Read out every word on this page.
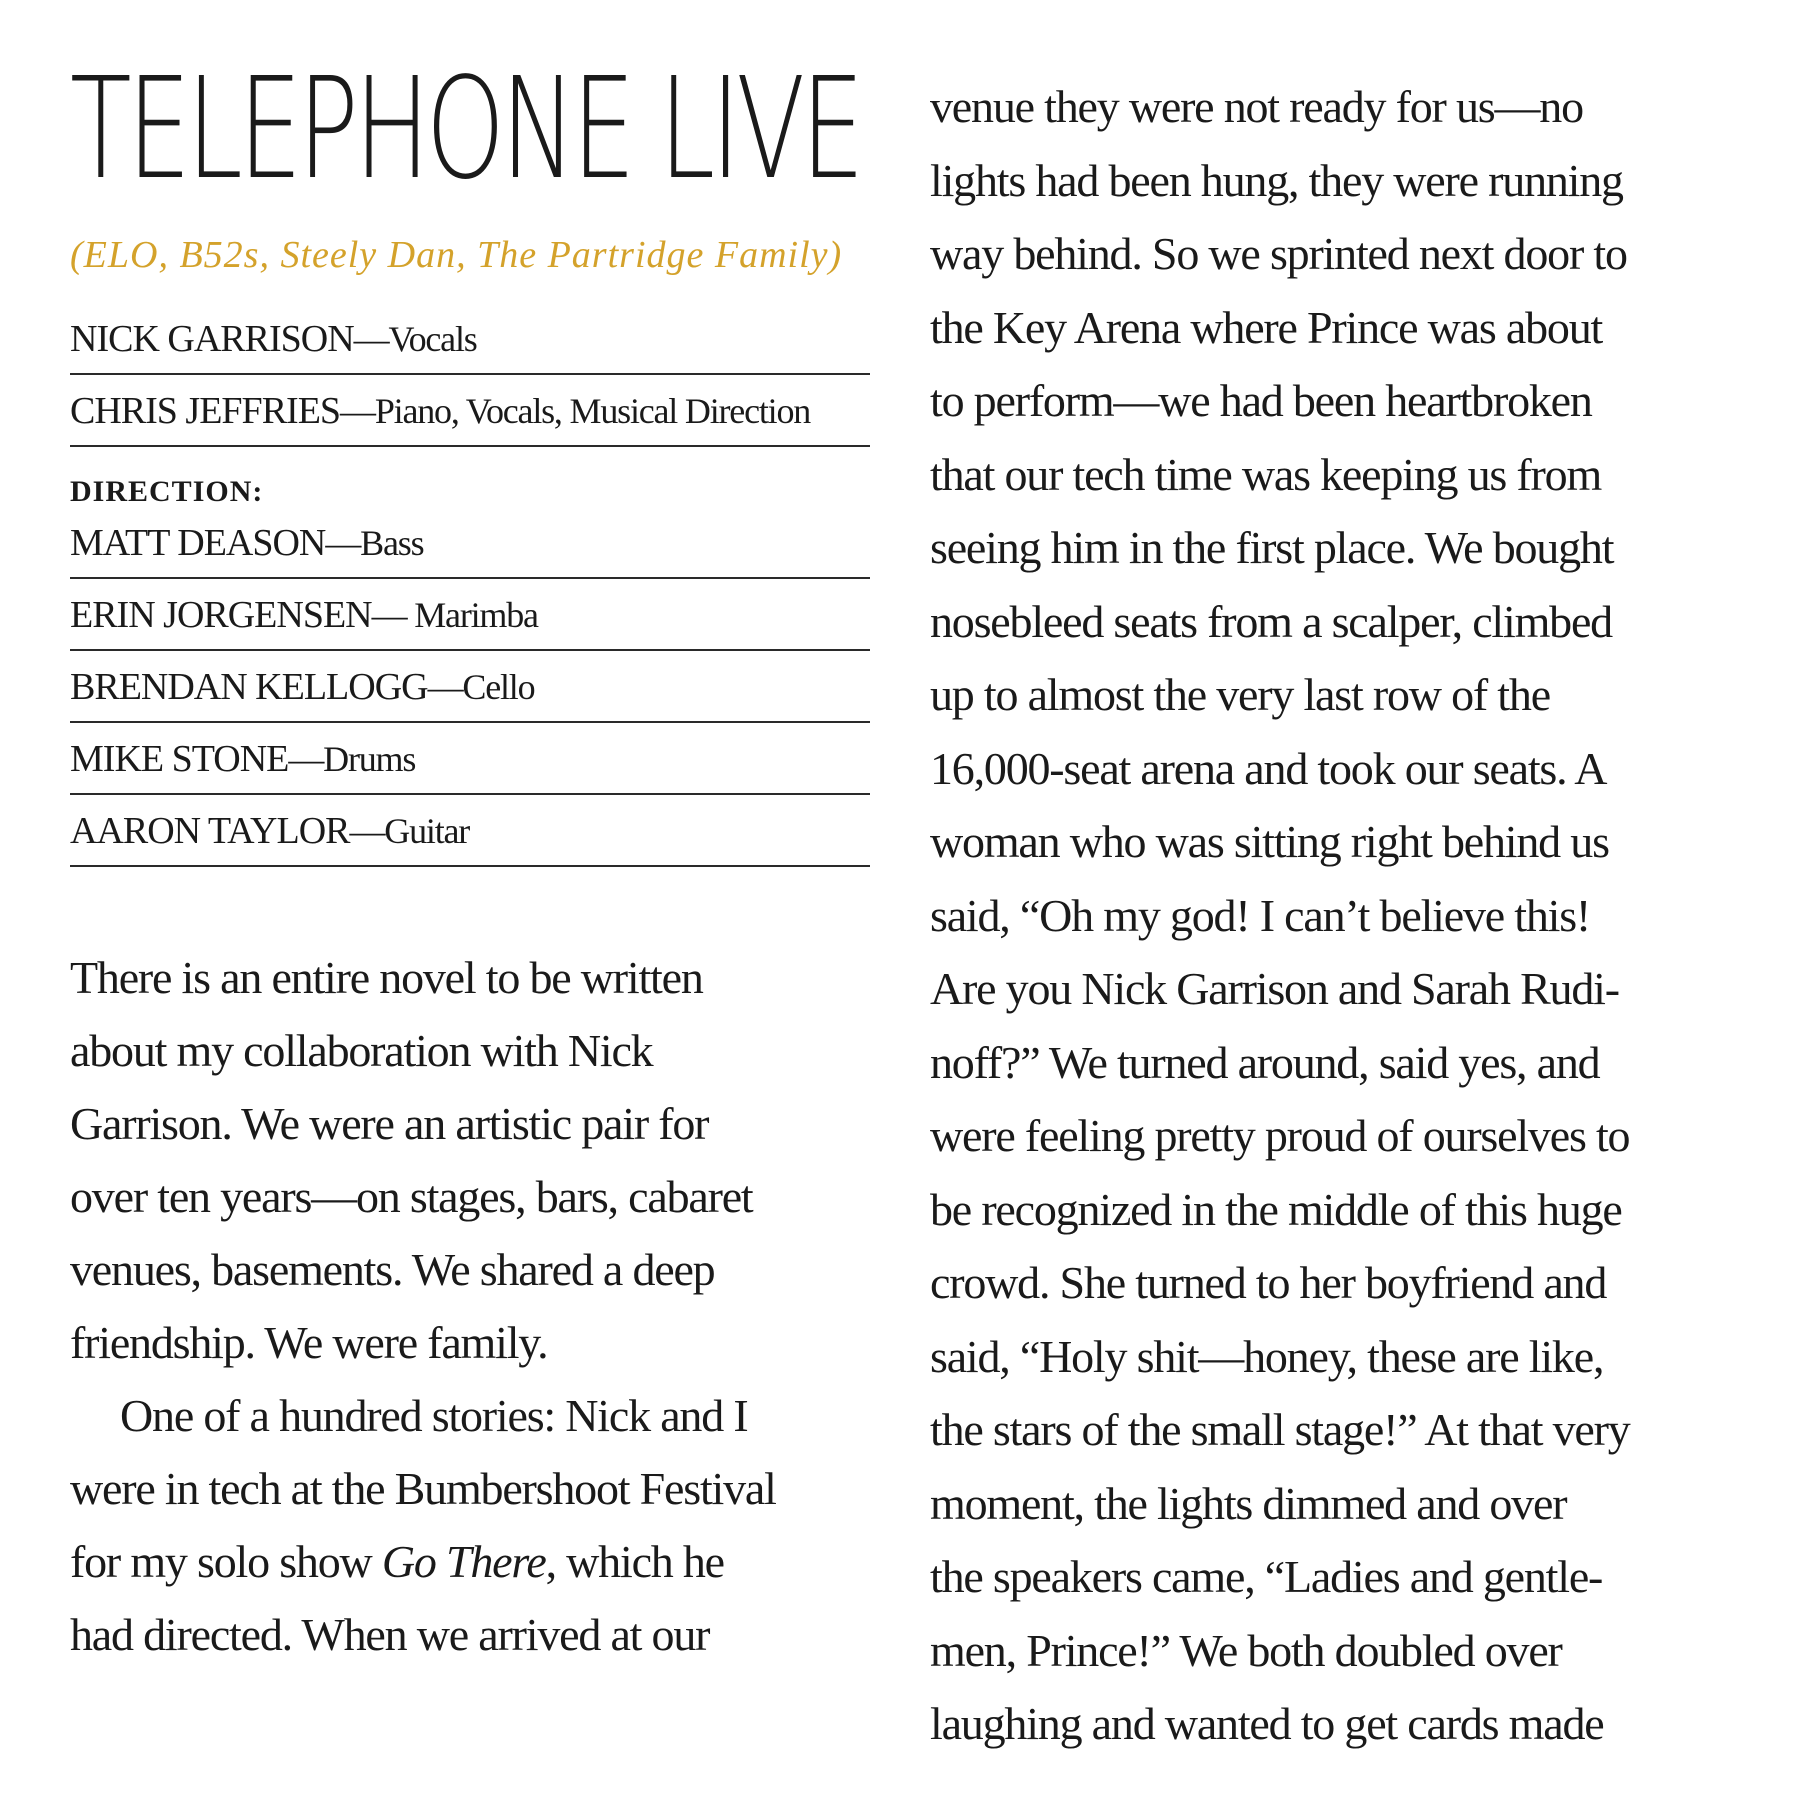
TELEPHONE LIVE
(ELO, B52s, Steely Dan, The Partridge Family)
NICK GARRISON—Vocals
CHRIS JEFFRIES—Piano, Vocals, Musical Direction
DIRECTION:
MATT DEASON—Bass
ERIN JORGENSEN— Marimba
BRENDAN KELLOGG—Cello
MIKE STONE—Drums
AARON TAYLOR—Guitar

There is an entire novel to be written
about my collaboration with Nick
Garrison. We were an artistic pair for
over ten years—on stages, bars, cabaret
venues, basements. We shared a deep
friendship. We were family.

One of a hundred stories: Nick and I
were in tech at the Bumbershoot Festival
for my solo show Go There, which he
had directed. When we arrived at our

venue they were not ready for us—no
lights had been hung, they were running
way behind. So we sprinted next door to
the Key Arena where Prince was about
to perform—we had been heartbroken
that our tech time was keeping us from
seeing him in the first place. We bought
nosebleed seats from a scalper, climbed
up to almost the very last row of the
16,000-seat arena and took our seats. A
woman who was sitting right behind us
said, “Oh my god! I can’t believe this!
Are you Nick Garrison and Sarah Rudi-
noff?” We turned around, said yes, and
were feeling pretty proud of ourselves to
be recognized in the middle of this huge
crowd. She turned to her boyfriend and
said, “Holy shit—honey, these are like,
the stars of the small stage!” At that very
moment, the lights dimmed and over
the speakers came, “Ladies and gentle-
men, Prince!” We both doubled over
laughing and wanted to get cards made
